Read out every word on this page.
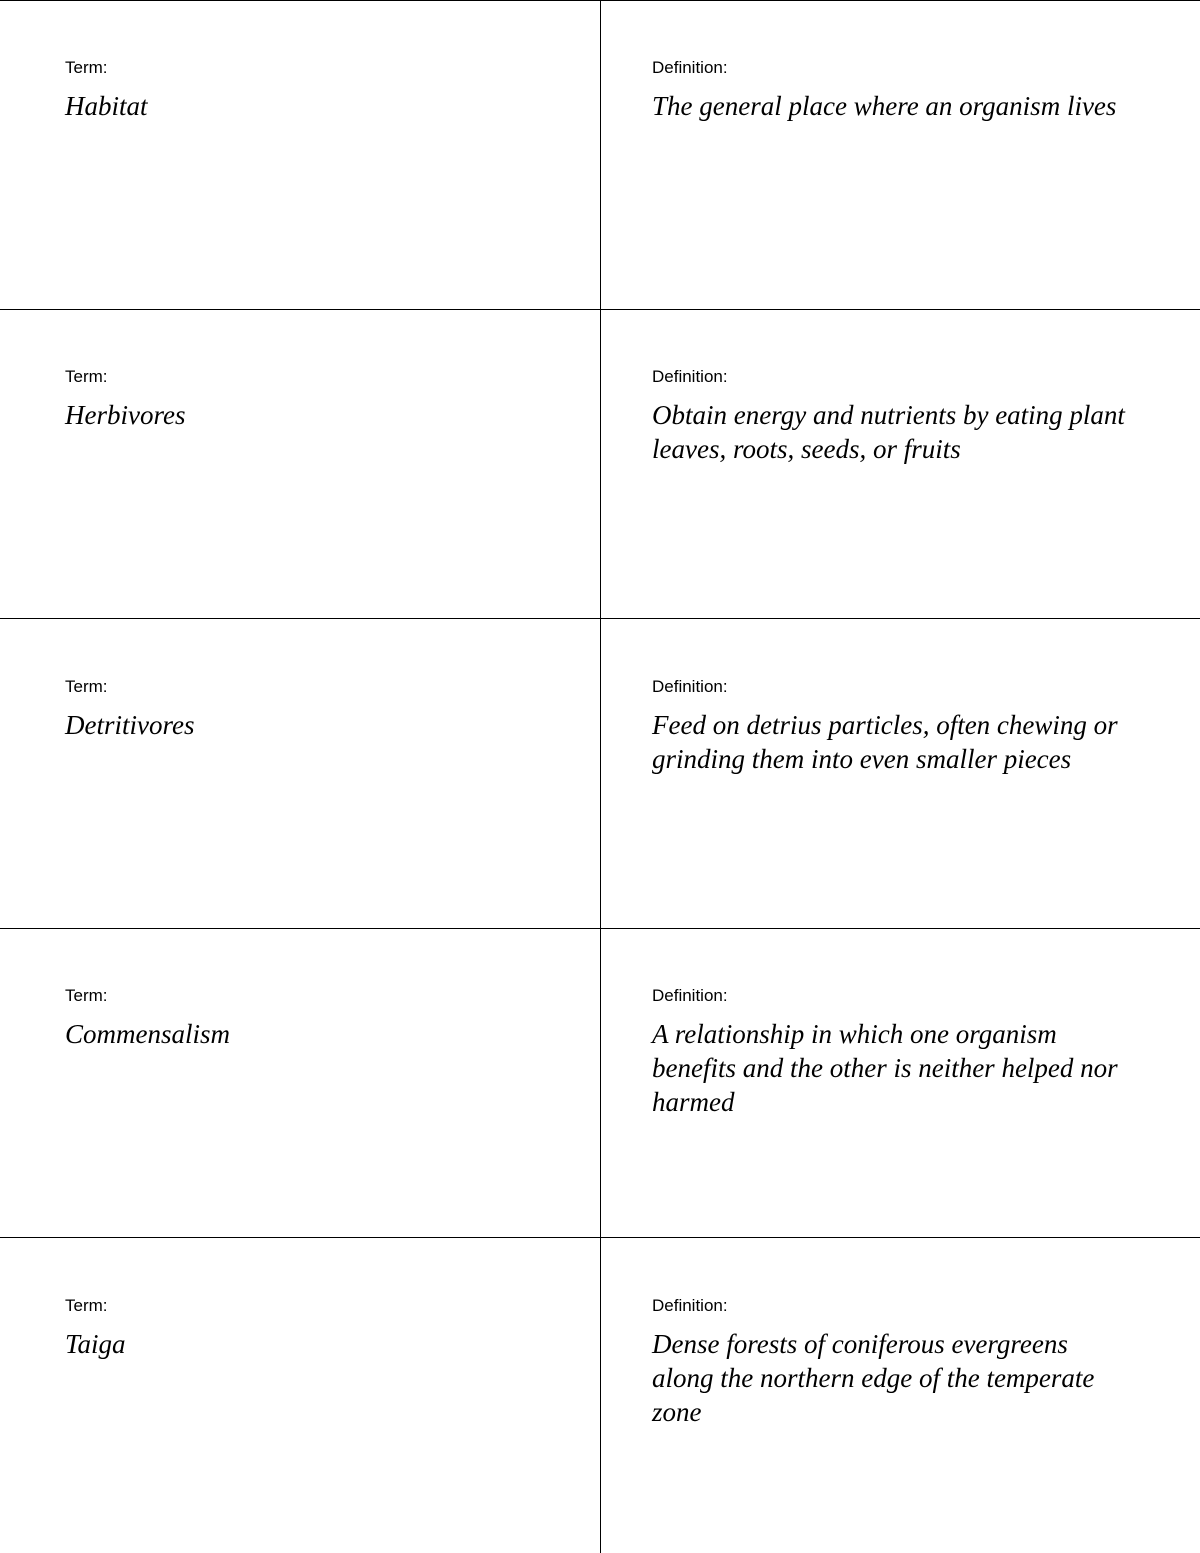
Term:
Habitat
Definition:
The general place where an organism lives
Term:
Herbivores
Definition:
Obtain energy and nutrients by eating plant leaves, roots, seeds, or fruits
Term:
Detritivores
Definition:
Feed on detrius particles, often chewing or grinding them into even smaller pieces
Term:
Commensalism
Definition:
A relationship in which one organism benefits and the other is neither helped nor harmed
Term:
Taiga
Definition:
Dense forests of coniferous evergreens along the northern edge of the temperate zone
